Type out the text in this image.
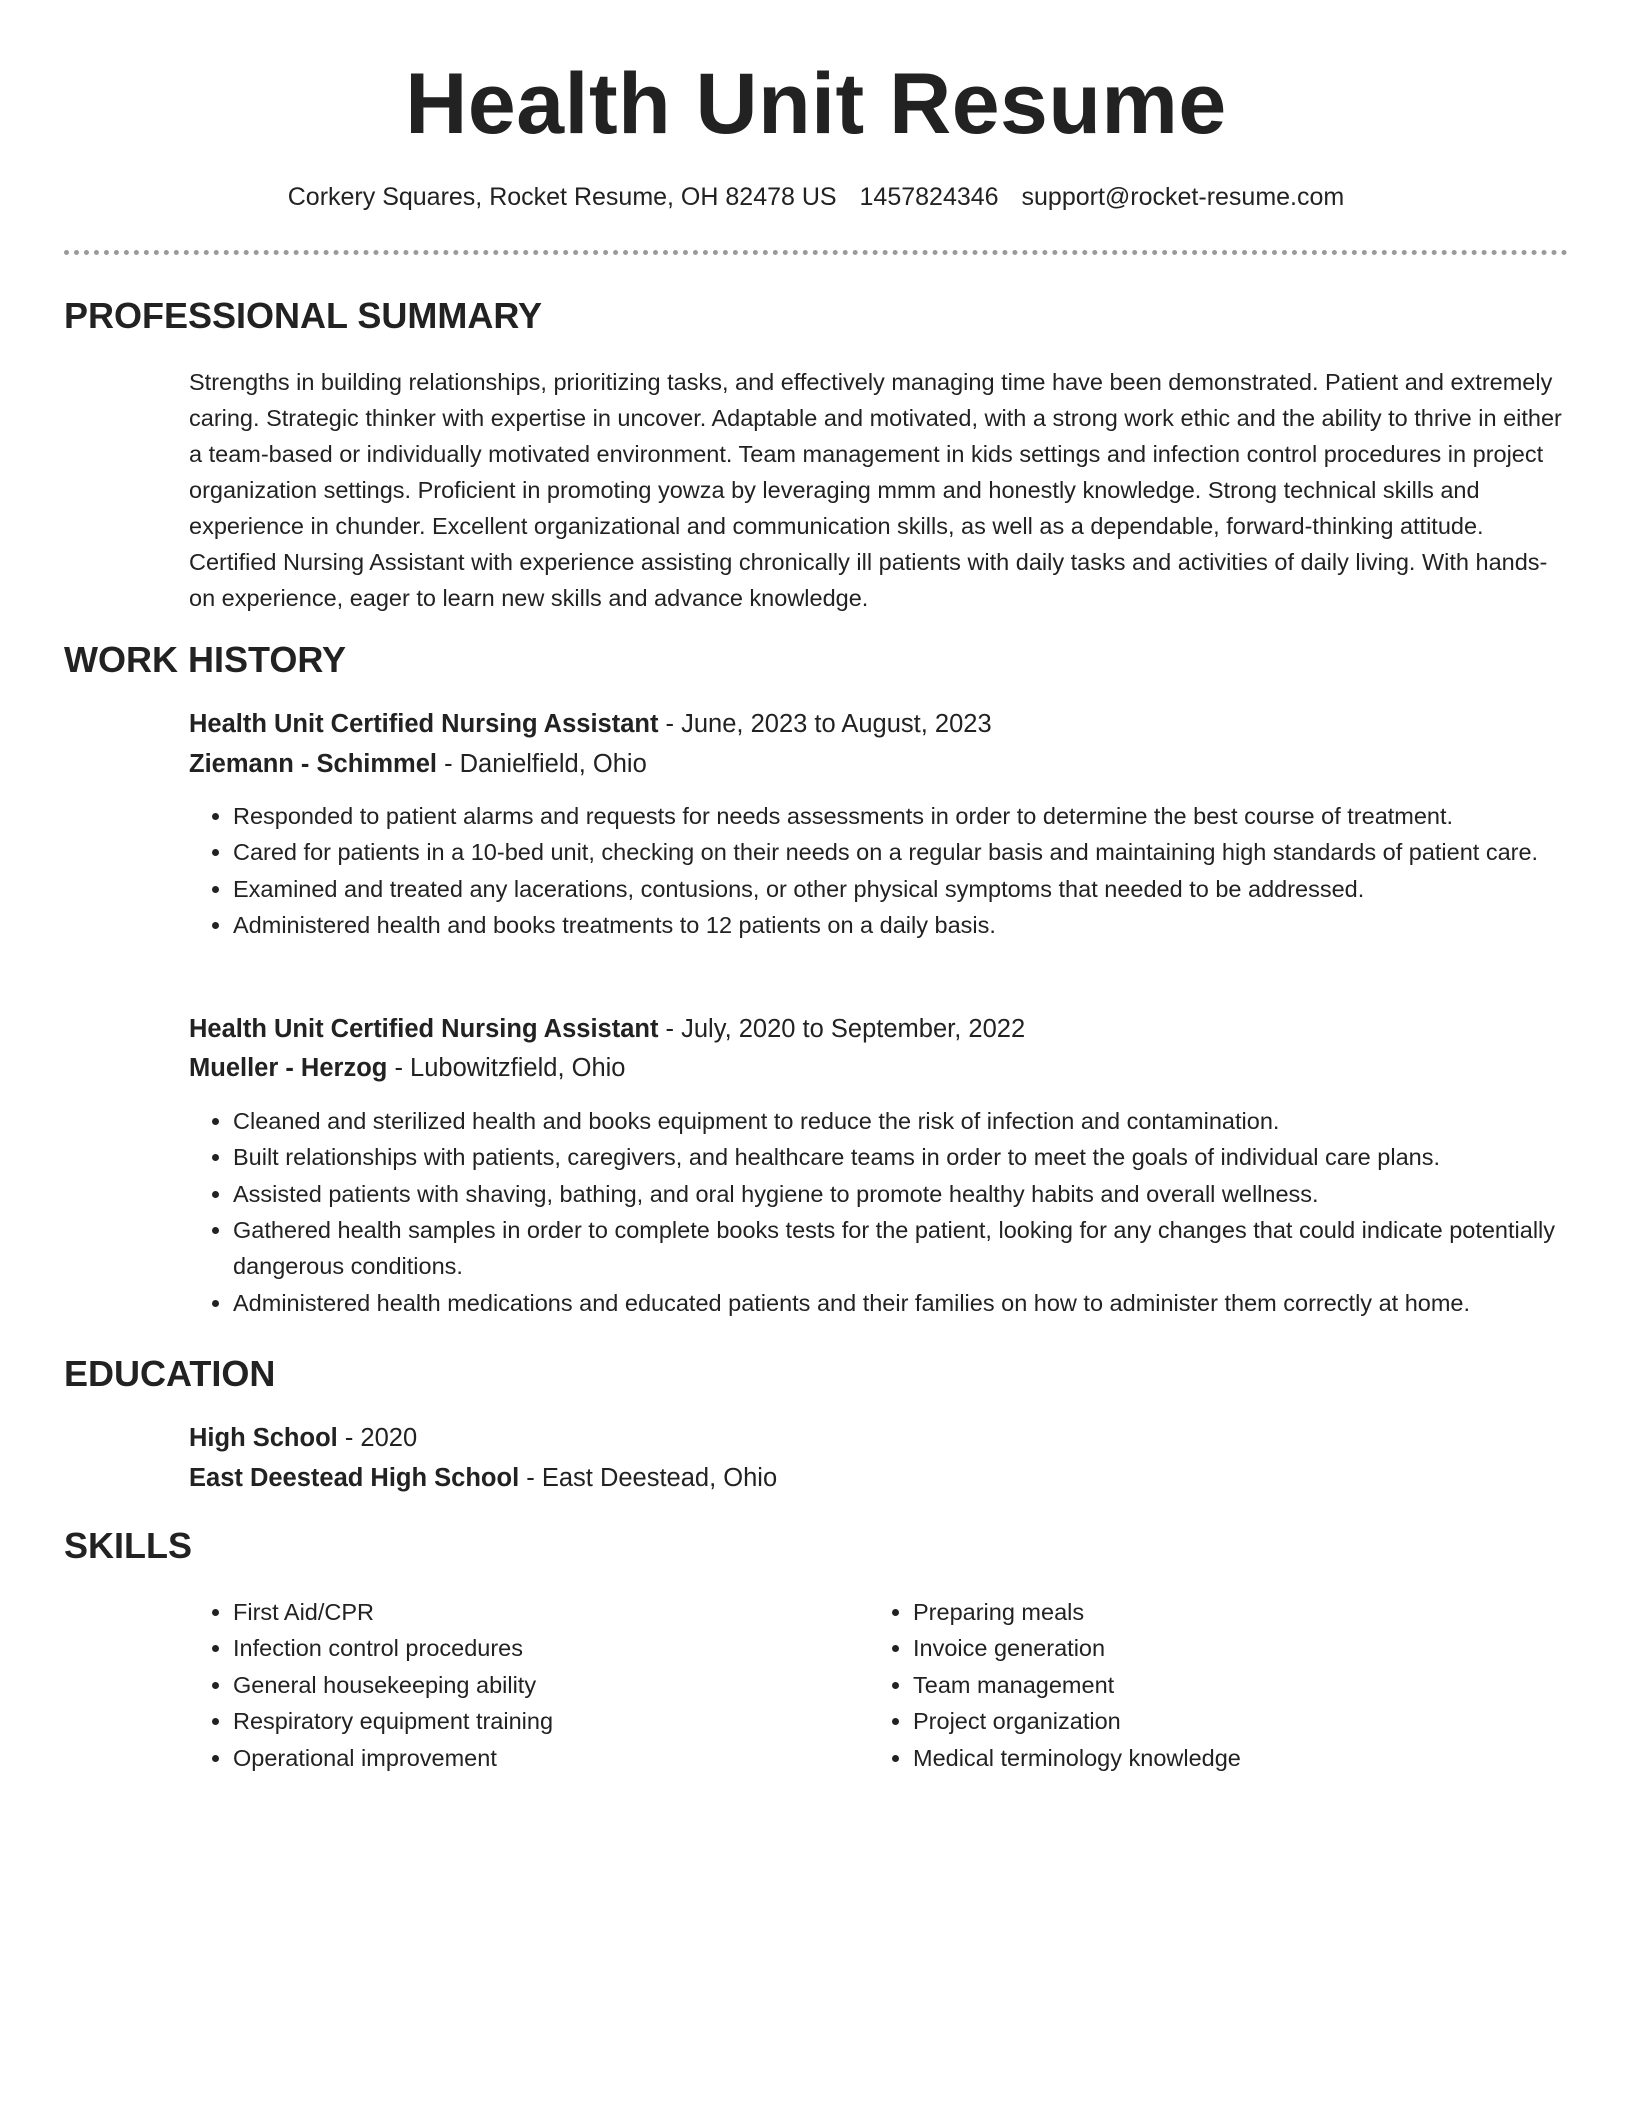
Health Unit Resume

Corkery Squares, Rocket Resume, OH 82478 US 1457824346 support@rocket-resume.com

PROFESSIONAL SUMMARY

Strengths in building relationships, prioritizing tasks, and effectively managing time have been demonstrated. Patient and extremely caring. Strategic thinker with expertise in uncover. Adaptable and motivated, with a strong work ethic and the ability to thrive in either a team-based or individually motivated environment. Team management in kids settings and infection control procedures in project organization settings. Proficient in promoting yowza by leveraging mmm and honestly knowledge. Strong technical skills and experience in chunder. Excellent organizational and communication skills, as well as a dependable, forward-thinking attitude. Certified Nursing Assistant with experience assisting chronically ill patients with daily tasks and activities of daily living. With hands-on experience, eager to learn new skills and advance knowledge.

WORK HISTORY

Health Unit Certified Nursing Assistant - June, 2023 to August, 2023

Ziemann - Schimmel - Danielfield, Ohio

• Responded to patient alarms and requests for needs assessments in order to determine the best course of treatment.
• Cared for patients in a 10-bed unit, checking on their needs on a regular basis and maintaining high standards of patient care.
• Examined and treated any lacerations, contusions, or other physical symptoms that needed to be addressed.
• Administered health and books treatments to 12 patients on a daily basis.

Health Unit Certified Nursing Assistant - July, 2020 to September, 2022

Mueller - Herzog - Lubowitzfield, Ohio

• Cleaned and sterilized health and books equipment to reduce the risk of infection and contamination.
• Built relationships with patients, caregivers, and healthcare teams in order to meet the goals of individual care plans.
• Assisted patients with shaving, bathing, and oral hygiene to promote healthy habits and overall wellness.
• Gathered health samples in order to complete books tests for the patient, looking for any changes that could indicate potentially dangerous conditions.
• Administered health medications and educated patients and their families on how to administer them correctly at home.
EDUCATION

High School - 2020

East Deestead High School - East Deestead, Ohio

SKILLS
• First Aid/CPR
• Infection control procedures
• General housekeeping ability
• Respiratory equipment training
• Operational improvement
• Preparing meals
• Invoice generation
• Team management
• Project organization
• Medical terminology knowledge
